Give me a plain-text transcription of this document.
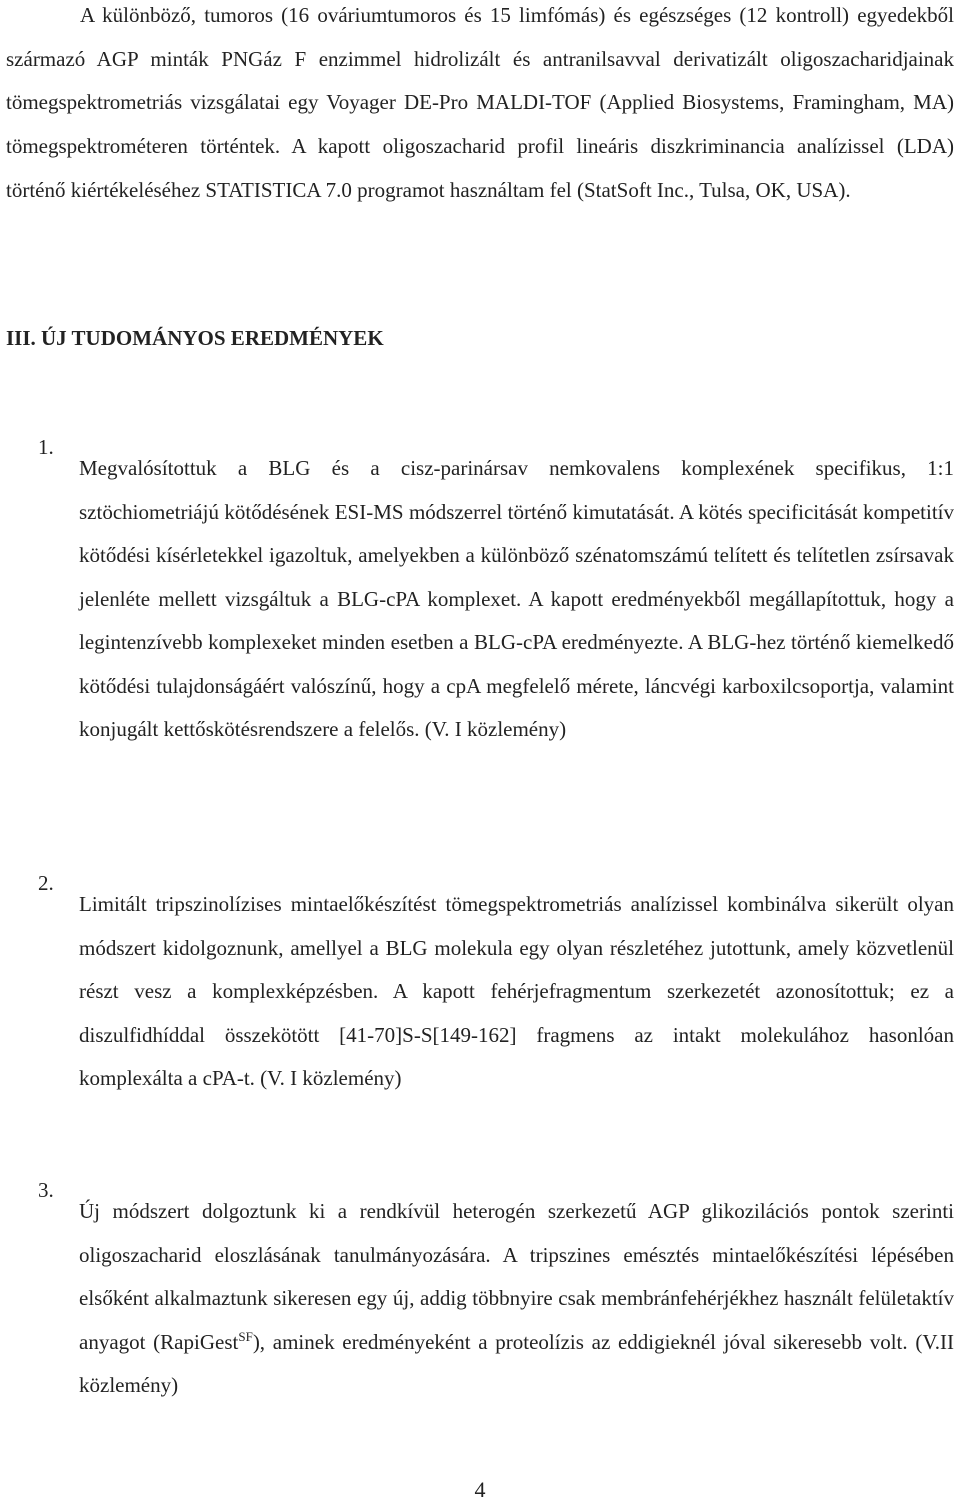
A különböző, tumoros (16 ováriumtumoros és 15 limfómás) és egészséges (12 kontroll) egyedekből származó AGP minták PNGáz F enzimmel hidrolizált és antranilsavval derivatizált oligoszacharidjainak tömegspektrometriás vizsgálatai egy Voyager DE-Pro MALDI-TOF (Applied Biosystems, Framingham, MA) tömegspektrométeren történtek. A kapott oligoszacharid profil lineáris diszkriminancia analízissel (LDA) történő kiértékeléséhez STATISTICA 7.0 programot használtam fel (StatSoft Inc., Tulsa, OK, USA).

III. ÚJ TUDOMÁNYOS EREDMÉNYEK
1.

Megvalósítottuk a BLG és a cisz-parinársav nemkovalens komplexének specifikus, 1:1 sztöchiometriájú kötődésének ESI-MS módszerrel történő kimutatását. A kötés specificitását kompetitív kötődési kísérletekkel igazoltuk, amelyekben a különböző szénatomszámú telített és telítetlen zsírsavak jelenléte mellett vizsgáltuk a BLG-cPA komplexet. A kapott eredményekből megállapítottuk, hogy a legintenzívebb komplexeket minden esetben a BLG-cPA eredményezte. A BLG-hez történő kiemelkedő kötődési tulajdonságáért valószínű, hogy a cpA megfelelő mérete, láncvégi karboxilcsoportja, valamint konjugált kettőskötésrendszere a felelős. (V. I közlemény)

2.

Limitált tripszinolízises mintaelőkészítést tömegspektrometriás analízissel kombinálva sikerült olyan módszert kidolgoznunk, amellyel a BLG molekula egy olyan részletéhez jutottunk, amely közvetlenül részt vesz a komplexképzésben. A kapott fehérjefragmentum szerkezetét azonosítottuk; ez a diszulfidhíddal összekötött [41-70]S-S[149-162] fragmens az intakt molekulához hasonlóan komplexálta a cPA-t. (V. I közlemény)

3.

Új módszert dolgoztunk ki a rendkívül heterogén szerkezetű AGP glikozilációs pontok szerinti oligoszacharid eloszlásának tanulmányozására. A tripszines emésztés mintaelőkészítési lépésében elsőként alkalmaztunk sikeresen egy új, addig többnyire csak membránfehérjékhez használt felületaktív anyagot (RapiGest$^{SF}$), aminek eredményeként a proteolízis az eddigieknél jóval sikeresebb volt. (V.II közlemény)

4
